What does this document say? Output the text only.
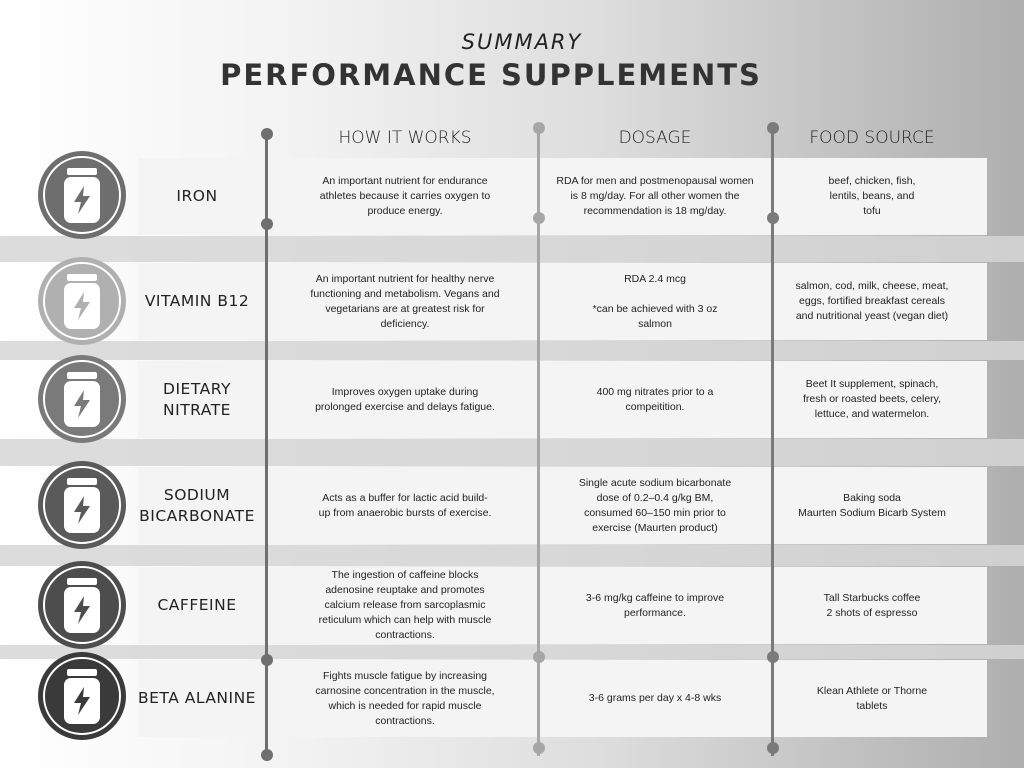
SUMMARY
PERFORMANCE SUPPLEMENTS
HOW IT WORKS	DOSAGE	FOOD SOURCE
An important nutrient for endurance
athletes because it carries oxygen to
produce energy.
RDA for men and postmenopausal women
is 8 mg/day. For all other women the
recommendation is 18 mg/day.
beef, chicken, fish,
lentils, beans, and
tofu
IRON
An important nutrient for healthy nerve
functioning and metabolism. Vegans and
vegetarians are at greatest risk for
deficiency.
RDA 2.4 mcg

*can be achieved with 3 oz
salmon
salmon, cod, milk, cheese, meat,
eggs, fortified breakfast cereals
and nutritional yeast (vegan diet)
VITAMIN B12
Improves oxygen uptake during
prolonged exercise and delays fatigue.
400 mg nitrates prior to a
compeitition.
Beet It supplement, spinach,
fresh or roasted beets, celery,
lettuce, and watermelon.
DIETARY
NITRATE
Acts as a buffer for lactic acid build-
up from anaerobic bursts of exercise.
Single acute sodium bicarbonate
dose of 0.2–0.4 g/kg BM,
consumed 60–150 min prior to
exercise (Maurten product)
Baking soda
Maurten Sodium Bicarb System
SODIUM
BICARBONATE
The ingestion of caffeine blocks
adenosine reuptake and promotes
calcium release from sarcoplasmic
reticulum which can help with muscle
contractions.
3-6 mg/kg caffeine to improve
performance.
Tall Starbucks coffee
2 shots of espresso
CAFFEINE
Fights muscle fatigue by increasing
carnosine concentration in the muscle,
which is needed for rapid muscle
contractions.
3-6 grams per day x 4-8 wks
Klean Athlete or Thorne
tablets
BETA ALANINE
